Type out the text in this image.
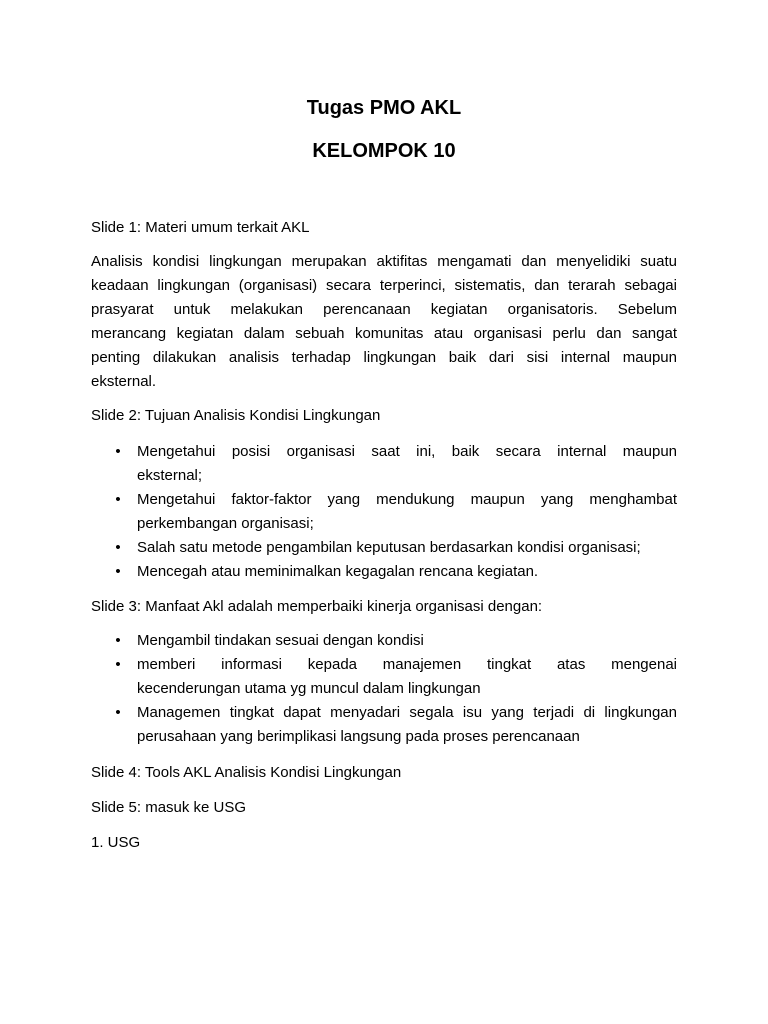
Tugas PMO AKL
KELOMPOK 10

Slide 1: Materi umum terkait AKL

Analisis kondisi lingkungan merupakan aktifitas mengamati dan menyelidiki suatu
keadaan lingkungan (organisasi) secara terperinci, sistematis, dan terarah sebagai
prasyarat untuk melakukan perencanaan kegiatan organisatoris. Sebelum
merancang kegiatan dalam sebuah komunitas atau organisasi perlu dan sangat
penting dilakukan analisis terhadap lingkungan baik dari sisi internal maupun
eksternal.

Slide 2: Tujuan Analisis Kondisi Lingkungan

• Mengetahui posisi organisasi saat ini, baik secara internal maupun
eksternal;
• Mengetahui faktor-faktor yang mendukung maupun yang menghambat
perkembangan organisasi;
• Salah satu metode pengambilan keputusan berdasarkan kondisi organisasi;
• Mencegah atau meminimalkan kegagalan rencana kegiatan.

Slide 3: Manfaat Akl adalah memperbaiki kinerja organisasi dengan:

• Mengambil tindakan sesuai dengan kondisi
• memberi informasi kepada manajemen tingkat atas mengenai
kecenderungan utama yg muncul dalam lingkungan
• Managemen tingkat dapat menyadari segala isu yang terjadi di lingkungan
perusahaan yang berimplikasi langsung pada proses perencanaan

Slide 4: Tools AKL Analisis Kondisi Lingkungan

Slide 5: masuk ke USG

1. USG
